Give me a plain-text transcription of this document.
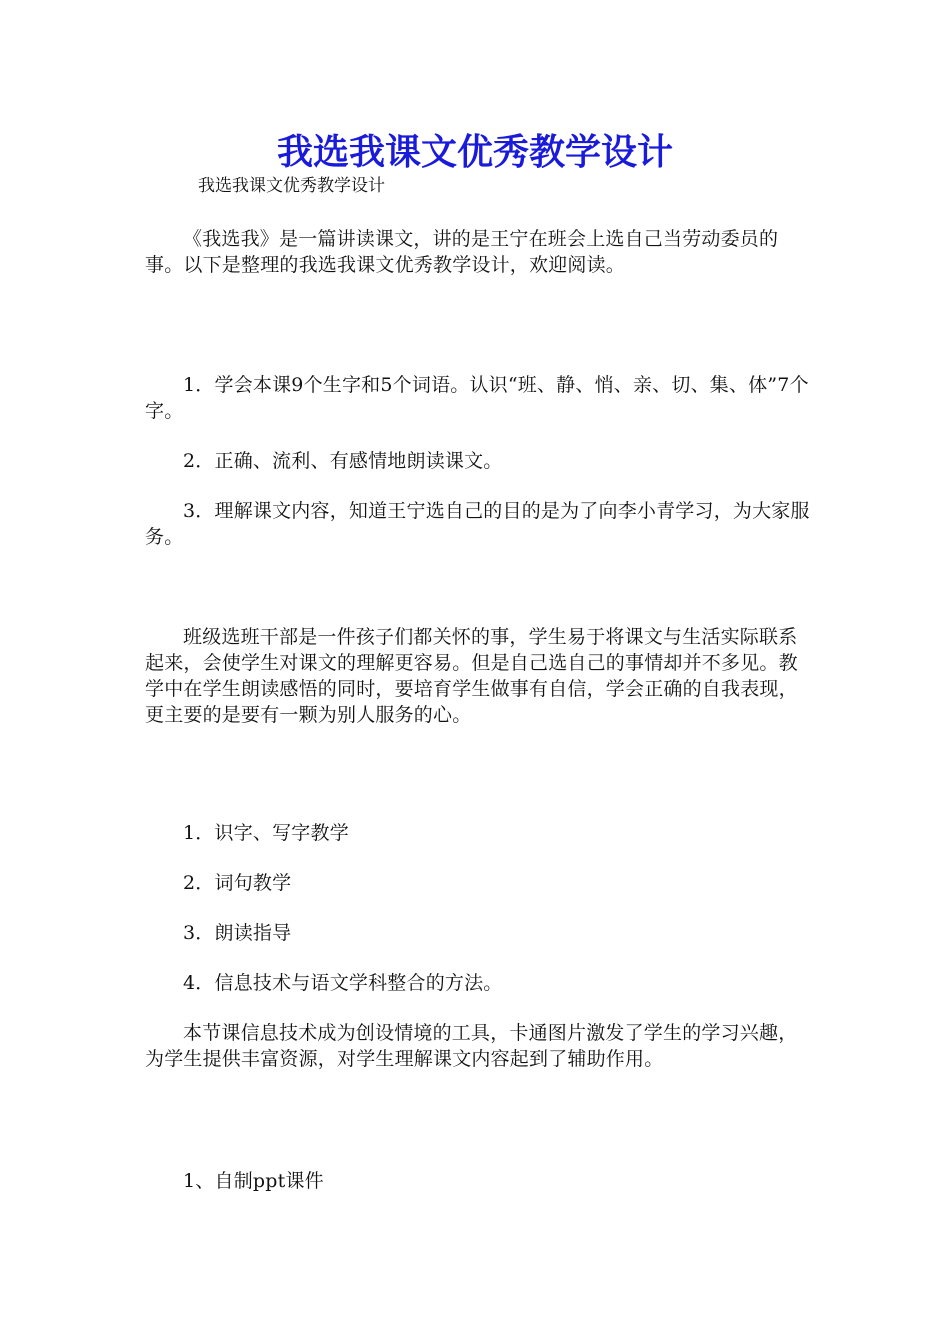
我选我课文优秀教学设计

我选我课文优秀教学设计

《我选我》是一篇讲读课文，讲的是王宁在班会上选自己当劳动委员的事。以下是整理的我选我课文优秀教学设计，欢迎阅读。

1．学会本课9个生字和5个词语。认识“班、静、悄、亲、切、集、体”7个字。

2．正确、流利、有感情地朗读课文。

3．理解课文内容，知道王宁选自己的目的是为了向李小青学习，为大家服务。

班级选班干部是一件孩子们都关怀的事，学生易于将课文与生活实际联系起来，会使学生对课文的理解更容易。但是自己选自己的事情却并不多见。教学中在学生朗读感悟的同时，要培育学生做事有自信，学会正确的自我表现，更主要的是要有一颗为别人服务的心。

1．识字、写字教学

2．词句教学

3．朗读指导

4．信息技术与语文学科整合的方法。

本节课信息技术成为创设情境的工具，卡通图片激发了学生的学习兴趣，为学生提供丰富资源，对学生理解课文内容起到了辅助作用。

1、自制ppt课件
